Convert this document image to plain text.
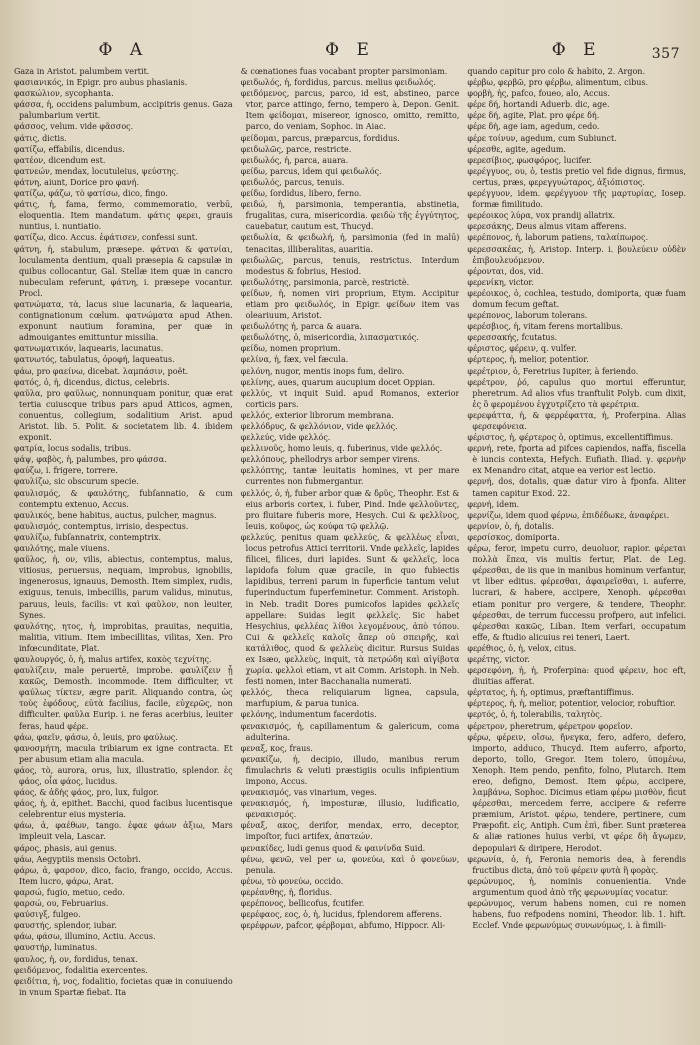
357
Φ Α

Gaza in Aristot. palumbem vertit.

φασιανικός, in Epigr. pro aubus phasianis.

φασκώλιον, sycophanta.

φάσσα, ἡ, occidens palumbum, accipitris genus. Gaza palumbarium vertit.

φάσσος, velum. vide φᾶσσος.

φάτις, dictis.

φατίζω, effabilis, dicendus.

φατέον, dicendum est.

φατνεών, mendax, locutuleius, ψεύστης.

φάτνη, aiunt, Dorice pro φανή.

φατίζω, φάζω, τὸ φατίσω, dico, fingo.

φάτις, ἡ, fama, fermo, commemoratio, verbū, eloquentia. Item mandatum. φάτις φερει, grauis nuntius, i. nuntiatio.

φατίζω, dico. Accus. ἐφάτισεν, confessi sunt.

φάτνη, ἡ, stabulum, præsepe. φάτναι & φατνίαι, loculamenta dentium, quali præsepia & capsulæ in quibus collocantur, Gal. Stellæ item quæ in cancro nubeculam referunt, φάτνη, i. præsepe vocantur. Procl.

φατνώματα, τὰ, lacus siue lacunaria, & laquearia, contignationum cœlum. φατνώματα apud Athen. exponunt nautium foramina, per quæ in admouigantes emittuntur missilia.

φατνωματικόν, laquearis, lacunatus.

φατνωτός, tabulatus, ὀροφή, laqueatus.

φάω, pro φαείνω, dicebat. λαμπάσιν, poët.

φατός, ὁ, ἡ, dicendus, dictus, celebris.

φαῦλα, pro φαῦλως, nonnunquam ponitur, quæ erat tertia cuiuscque tribus pars apud Atticos, agmen, conuentus, collegium, sodalitium Arist. apud Aristot. lib. 5. Polit. & societatem lib. 4. ibidem exponit.

φατρία, locus sodalis, tribus.

φάψ, φαβὸς, ἡ, palumbes, pro φάσσα.

φαύζω, i. frigere, torrere.

φαυλίζω, sic obscurum specie.

φαυλισμός, & φαυλότης, fubſannatio, & cum contemptu extenuo, Accus.

φαυλικός, bene habitus, auctus, pulcher, magnus.

φαυλισμός, contemptus, irrisio, despectus.

φαυλίζω, fubſannatrix, contemptrix.

φαυλότης, male viuens.

φαῦλος, ἡ, ον, vilis, abiectus, contemptus, malus, vitiosus, peruersus, nequam, improbus, ignobilis, ingenerosus, ignauus, Demosth. Item simplex, rudis, exiguus, tenuis, imbecillis, parum validus, minutus, paruus, leuis, facilis: vt καὶ φαῦλον, non leuiter, Synes.

φαυλότης, ητος, ἡ, improbitas, prauitas, nequitia, malitia, vitium. Item imbecillitas, vilitas, Xen. Pro infœcunditate, Plat.

φαυλουργός, ὁ, ἡ, malus artifex, κακὸς τεχνίτης.

φαυλίζειν, male peruertē, improbe. φαυλίζειν ᾗ κακῶς, Demosth. incommode. Item difficulter, vt φαύλως τίκτεν, ægre parit. Aliquando contra, ὡς τοὺς ἐφόδους, εὐτὰ facilius, facile, εὐχερῶς, non difficulter. φαῦλα Eurip. i. ne feras acerbius, leuiter feras, haud φέρε.

φάω, φαεῖν, φάσω, ὁ, leuis, pro φαύλως.

φανοσμήτη, macula tribiarum ex igne contracta. Et per abusum etiam alia macula.

φάος, τὸ, aurora, orus, lux, illustratio, splendor. ἐς φάος, οἷα φάος, lucidus.

φάος, & ἀδὴς φάος, pro, lux, fulgor.

φάος, ἡ, ἀ, epithet. Bacchi, quod facibus lucentisque celebrentur eius mysteria.

φάω, ἀ, φαέθων, tango. ἐφαε φάων ἀξιω, Mars impleuit vela, Lascar.

φάρος, phasis, aui genus.

φάω, Aegyptiis mensis Octobri.

φάρω, ἀ, φαρσον, dico, facio, frango, occido, Accus. Item lucro, φάρω, Arat.

φαρσώ, fugio, metuo, cedo.

φαρσώ, ου, Februarius.

φαύσιγξ, fulgeo.

φαυστής, splendor, iubar.

φάω, φάσω, illumino, Actiu. Accus.

φαυστήρ, luminatus.

φαυλος, ἡ, ον, fordidus, tenax.

φειδόμενος, fodalitia exercentes.

φειδίτια, ἡ, νος, fodalitio, focietas quæ in conuiuendo in vnum Spartæ fiebat. Ita

Φ Ε

& cœnationes fuas vocabant propter parsimoniam.

φειδωλός, ἡ, fordidus, parcus. melius φειδωλός.

φειδόμενος, parcus, parco, id est, abstineo, parce vtor, parce attingo, ferno, tempero à, Depon. Genit. Item φείδομαι, misereor, ignosco, omitto, remitto, parco, do veniam, Sophoc. in Aiac.

φείδομαι, parcus, præparcus, fordidus.

φειδωλῶς, parce, restricte.

φειδωλός, ἡ, parca, auara.

φείδω, parcus, idem qui φειδωλός.

φειδωλός, parcus, tenuis.

φείδω, ſordidus, libero, ferno.

φειδώ, ἡ, parsimonia, temperantia, abstinetia, frugalitas, cura, misericordia. φειδὼ τῆς ἐγγύτητος, cauebatur, cautum est, Thucyd.

φειδωλία, & φειδωλή, ἡ, parsimonia (fed in malū) tenacitas, illiberalitas, auaritia.

φειδωλῶς, parcus, tenuis, restrictus. Interdum modestus & fobrius, Hesiod.

φειδωλότης, parsimonia, parcè, restrictè.

φείδων, ἡ, nomen viri proprium, Etym. Accipitur etiam pro φειδωλός, in Epigr. φείδων item vas oleariuum, Aristot.

φειδωλότης ἡ, parca & auara.

φειδωλότης, ὁ, misericordia, λιπασματικός.

φείδω, nomen proprium.

φελίνα, ἡ, fæx, vel fæcula.

φελόνη, nugor, mentis inops fum, deliro.

φελίνης, aues, quarum aucupium docet Oppian.

φελλύς, vt inquit Suid. apud Romanos, exterior corticis pars.

φελλός, exterior librorum membrana.

φελλόδρυς, & φελλόνιον, vide φελλός.

φελλεύς, vide φελλός.

φελλινοῦς, homo leuis, q. fuberinus, vide φελλός.

φελλόπους, phellodrys arbor semper virens.

φελλόπτης, tantæ leuitatis homines, vt per mare currentes non fubmergantur.

φελλός, ὁ, ἡ, fuber arbor quæ & δρῦς, Theophr. Est & eius arboris cortex, i. fuber, Pind. Inde φελλοῦντες, pro fluitare fuberis more, Hesych. Cui & φελλῖνος, leuis, κοῦφος, ὡς κούφα τῷ φελλῷ.

φελλεύς, penitus quam φελλεύς, & φελλέως εἶναι, locus petrofus Attici territorii. Vnde φελλεῖς, lapides filicei, filices, duri lapides. Sunt & φελλεῖς, loca lapidofa folum quæ gracile, in quo fubiectis lapidibus, terreni parum in fuperficie tantum velut fuperinductum fuperfeminetur. Comment. Aristoph. in Neb. tradit Dores pumicofos lapides φελλεῖς appellare: Suidas legit φελλεῖς. Sic habet Hesychius, φελλέας λίθοι λεγομένους, ἀπὸ τόπου. Cui & φελλεῖς καλοῖς ἄπερ οὐ σπειρῆς, καὶ κατάλιθος, quod & φελλεὺς dicitur. Rursus Suidas ex Isæo, φελλεὺς, inquit, τὰ πετρώδη καὶ αἰγίβοτα χωρία. φελλοὶ etiam, vt ait Comm. Aristoph. in Neb. festi nomen, inter Bacchanalia numerati.

φελλός, theca reliquiarum lignea, capsula, marfupium, & parua tunica.

φελόνης, indumentum facerdotis.

φενακισμός, ἡ, capillamentum & galericum, coma adulterina.

φεναξ, κος, fraus.

φενακίζω, ἡ, decipio, illudo, manibus rerum fimulachris & veluti præstigiis oculis infipientium impono, Accus.

φενακισμός, vas vinarium, veges.

φενακισμός, ἡ, imposturæ, illusio, ludificatio, φενακισμός.

φέναξ, ακος, derifor, mendax, erro, deceptor, impoſtor, fuci artifex, ἀπατεών.

φενακίδες, ludi genus quod & φαινίνδα Suid.

φένω, φενῶ, vel per ω, φονεύω, καὶ ὁ φονεύων, penula.

φένω, τὸ φονεύω, occido.

φερέανθης, ἡ, floridus.

φερέπονος, bellicofus, fcutifer.

φερέφαος, εος, ὁ, ἡ, lucidus, fplendorem afferens.

φερέφρων, pafcor, φέρβομαι, abfumo, Hippocr. Ali-

Φ Ε

quando capitur pro colo & habito, 2. Argon.

φέρβω, φερβῶ, pro φέρβω, alimentum, cibus.

φορβὴ, ἡς, pafco, foueo, alo, Accus.

φέρε δή, hortandi Aduerb. dic, age.

φέρε δή, agite, Plat. pro φέρε δή.

φέρε δὴ, age iam, agedum, cedo.

φέρε τοίνυν, agedum, cum Subiunct.

φέρεσθε, agite, agedum.

φερεσίβιος, φωσφόρος, lucifer.

φερέγγυος, ου, ὁ, testis pretio vel fide dignus, firmus, certus, præs, φερεγγυώταρος, ἀξιόπιστος.

φερέγγυον, idem. φερέγγυον τῆς μαρτυρίας, Iosep. formæ fimilitudo.

φερέοικος λύρα, vox prandij allatrix.

φερεσάκης, Deus almus vitam afferens.

φερέπονος, ἡ, laborum patiens, ταλαίπωρος.

φερεσσακέας, ἡ, Aristop. Interp. i. βουλεύειν οὐδὲν ἐπιβουλευόμενον.

φέρονται, dos, vid.

φερενίκη, victor.

φερέοικος, ὁ, cochlea, testudo, domiporta, quæ fuam domum fecum geftat.

φερέπονος, laborum tolerans.

φερέσβιος, ἡ, vitam ferens mortalibus.

φερεσσακής, fcutatus.

φέριστος, φέρειν, q. vulfer.

φέρτερος, ἡ, melior, potentior.

φερέτριον, ὁ, Feretrius Iupiter, à feriendo.

φερέτρον, ῥό, capulus quo mortui efferuntur, pheretrum. Ad alios vfus tranftulit Polyb. cum dixit, ἐς ὃ φερομένου ἐγχυτρίζετο τὰ φερέτρια.

φερεφάττα, ἡ, & φερρέφαττα, ἡ, Proferpina. Alias φερσεφόνεια.

φέριστος, ἡ, φέρτερος ὁ, optimus, excellentiffimus.

φερνή, rete, fporta ad pifces capiendos, naffa, fiscella è iuncis contexta, Hefych. Eufiath. Iliad. γ. φερνὴν ex Menandro citat, atque ea verior est lectio.

φερνή, dos, dotalis, quæ datur viro à fponfa. Aliter tamen capitur Exod. 22.

φερνή, idem.

φερνίζω, idem quod φέρνω, ἐπιδέδωκε, ἀναφέρει.

φερνίον, ὁ, ἡ, dotalis.

φερσίσκος, domiporta.

φέρω, feror, impetu curro, deuoluor, rapior. φέρεται πολλὰ ἔπεα, vis multis fertur, Plat. de Leg. φέρεσθαι, de iis que in manibus hominum verfantur, vt liber editus. φέρεσθαι, ἀφαιρεῖσθαι, i. auferre, lucrari, & habere, accipere, Xenoph. φέρεσθαι etiam ponitur pro vergere, & tendere, Theophr. φέρεσθαι, de terrum fuccessu profpero, aut infelici. φέρεσθαι κακῶς, Liban. Item verfari, occupatum effe, & ftudio alicuius rei teneri, Laert.

φερέθιος, ὁ, ἡ, velox, citus.

φερέτης, victor.

φερσεφόνη, ἡ, ἡ, Proferpina: quod φέρειν, hoc eft, diuitias afferat.

φέρτατος, ἡ, ἡ, optimus, præftantiffimus.

φέρτερος, ἡ, ἡ, melior, potentior, velocior, robuftior.

φερτός, ὁ, ἡ, tolerabilis, ταλητὸς.

φέρετρον, pheretrum, φέρετρον φορεῖον.

φέρω, φέρειν, οἴσω, ἤνεγκα, fero, adfero, defero, importo, adduco, Thucyd. Item auferro, afporto, deporto, tollo, Gregor. Item tolero, ὑπομένω, Xenoph. Item pendo, penfito, folno, Plutarch. Item ereo, defigno, Demost. Item φέρω, accipere, λαμβάνω, Sophoc. Dicimus etiam φέρω μισθὸν, ficut φέρεσθαι, mercedem ferre, accipere & referre præmium, Aristot. φέρω, tendere, pertinere, cum Præpofit. εἰς, Antiph. Cum ἐπὶ, fiber. Sunt præterea & aliæ rationes huius verbi, vt φέρε δὴ ἄγωμεν, depopulari & diripere, Herodot.

φερωνία, ὁ, ἡ, Feronia nemoris dea, à ferendis fructibus dicta, ἀπὸ τοῦ φέρειν φυτὰ ἢ φορὰς.

φερώνυμος, ἡ, nominis conuenientia. Vnde argumentum quod ἀπὸ τῆς φερωνυμίας vocatur.

φερώνυμος, verum habens nomen, cui re nomen habens, fuo refpodens nomini, Theodor. lib. 1. hift. Ecclef. Vnde φερωνύμως συνωνύμως, i. à fimili-
